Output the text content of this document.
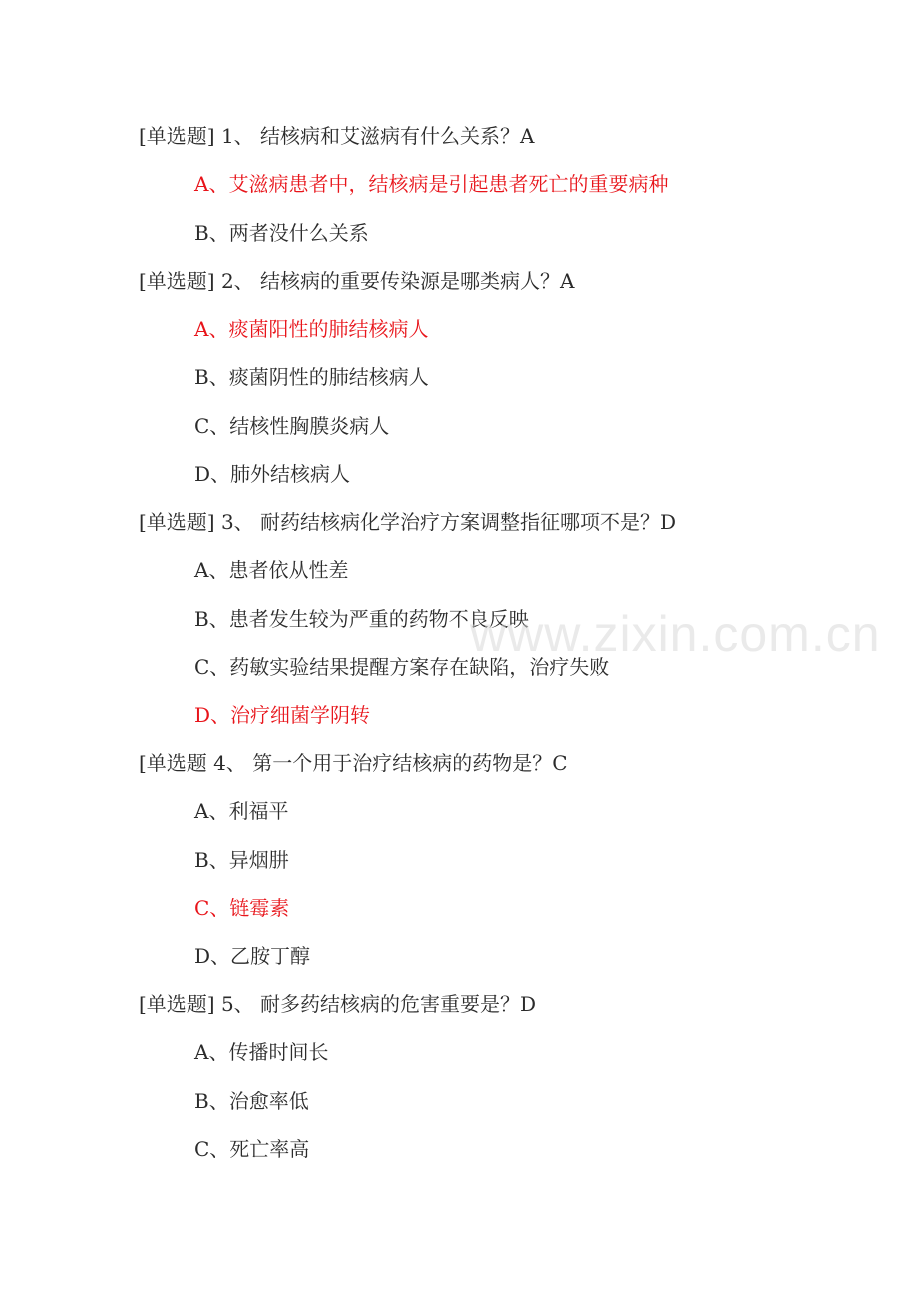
[单选题] 1、 结核病和艾滋病有什么关系？A
A、艾滋病患者中，结核病是引起患者死亡的重要病种
B、两者没什么关系
[单选题] 2、 结核病的重要传染源是哪类病人？A
A、痰菌阳性的肺结核病人
B、痰菌阴性的肺结核病人
C、结核性胸膜炎病人
D、肺外结核病人
[单选题] 3、 耐药结核病化学治疗方案调整指征哪项不是？D
A、患者依从性差
B、患者发生较为严重的药物不良反映
C、药敏实验结果提醒方案存在缺陷，治疗失败
D、治疗细菌学阴转
[单选题 4、 第一个用于治疗结核病的药物是？C
A、利福平
B、异烟肼
C、链霉素
D、乙胺丁醇
[单选题] 5、 耐多药结核病的危害重要是？D
A、传播时间长
B、治愈率低
C、死亡率高
www.zixin.com.cn
